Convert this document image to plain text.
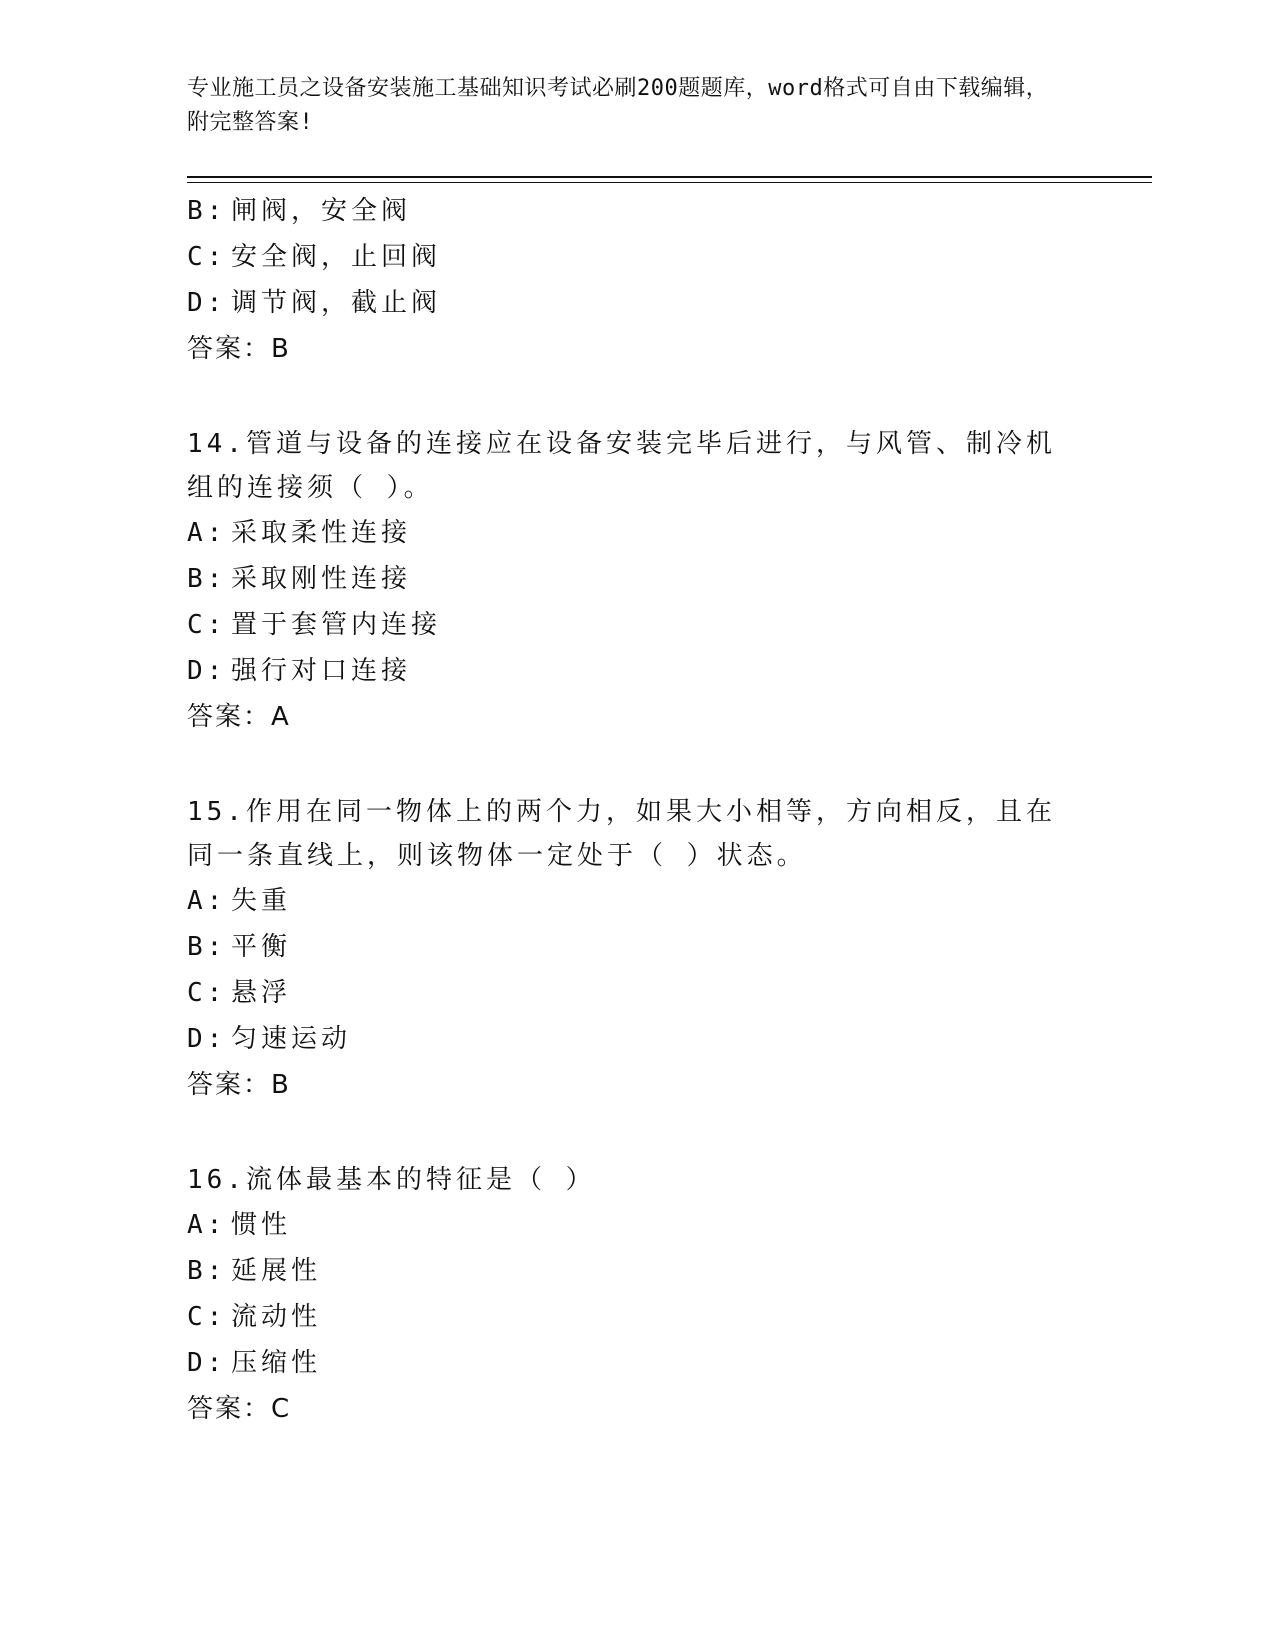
专业施工员之设备安装施工基础知识考试必刷200题题库，word格式可自由下载编辑，附完整答案!
B: 闸阀，安全阀
C: 安全阀，止回阀
D: 调节阀，截止阀
答案：B
14.管道与设备的连接应在设备安装完毕后进行，与风管、制冷机组的连接须（ ）。
A: 采取柔性连接
B: 采取刚性连接
C: 置于套管内连接
D: 强行对口连接
答案：A
15.作用在同一物体上的两个力，如果大小相等，方向相反，且在同一条直线上，则该物体一定处于（ ）状态。
A: 失重
B: 平衡
C: 悬浮
D: 匀速运动
答案：B
16.流体最基本的特征是（ ）
A: 惯性
B: 延展性
C: 流动性
D: 压缩性
答案：C
